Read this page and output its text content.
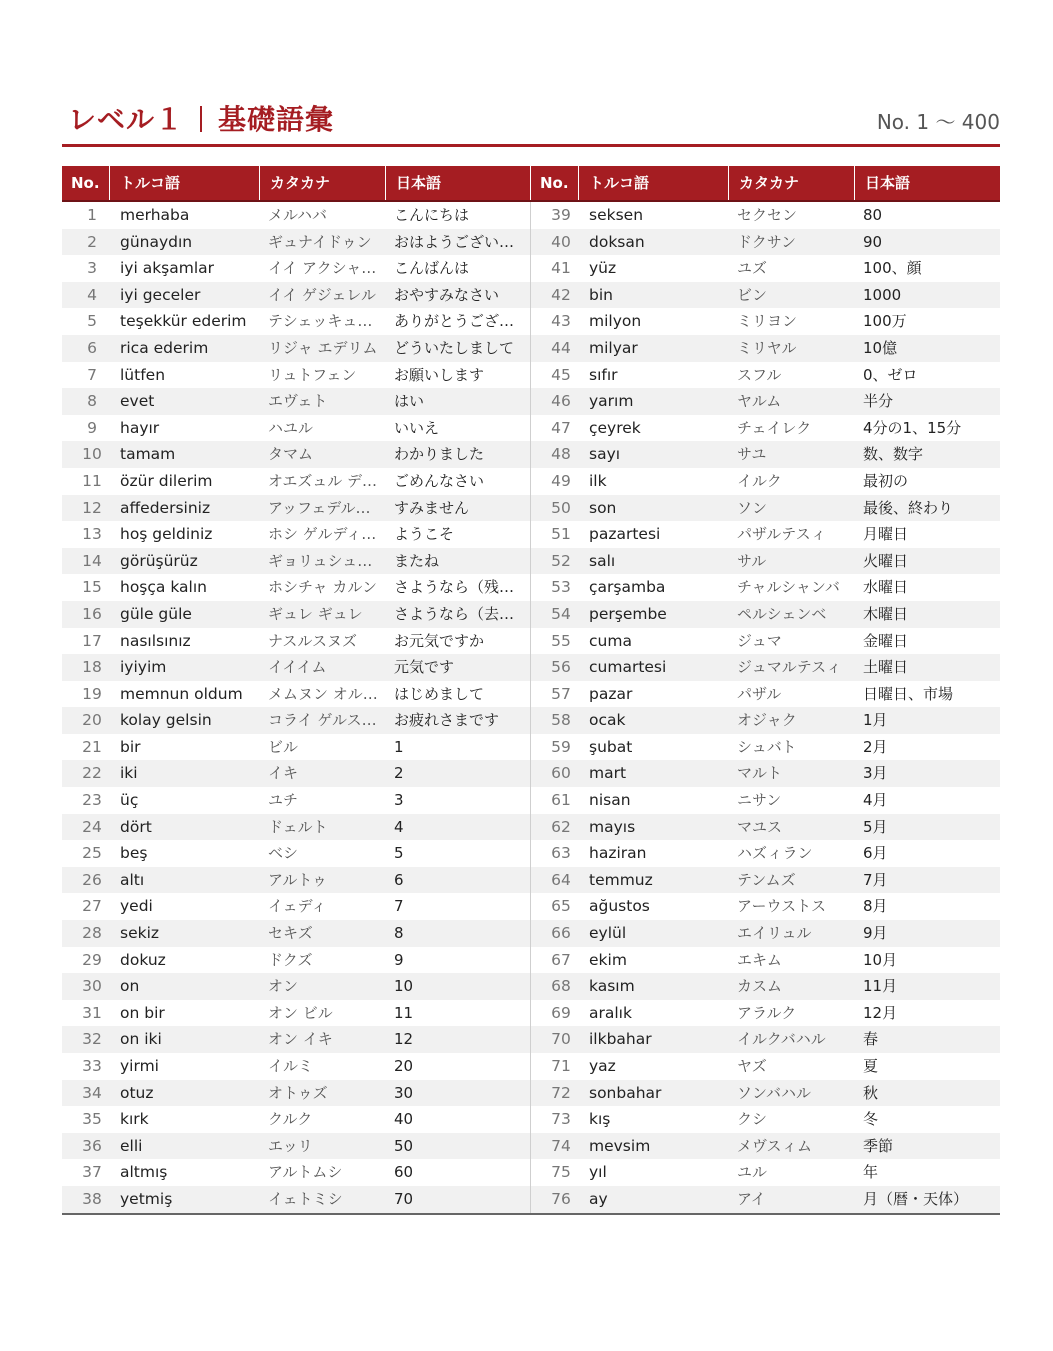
レベル１ 基礎語彙	No. 1 〜 400
No.	トルコ語	カタカナ	日本語	No.	トルコ語	カタカナ	日本語
1	merhaba	メルハバ	こんにちは	39	seksen	セクセン	80
2	günaydın	ギュナイドゥン	おはようござい…	40	doksan	ドクサン	90
3	iyi akşamlar	イイ アクシャ…	こんばんは	41	yüz	ユズ	100、顔
4	iyi geceler	イイ ゲジェレル	おやすみなさい	42	bin	ビン	1000
5	teşekkür ederim	テシェッキュ…	ありがとうござ…	43	milyon	ミリヨン	100万
6	rica ederim	リジャ エデリム	どういたしまして	44	milyar	ミリヤル	10億
7	lütfen	リュトフェン	お願いします	45	sıfır	スフル	0、ゼロ
8	evet	エヴェト	はい	46	yarım	ヤルム	半分
9	hayır	ハユル	いいえ	47	çeyrek	チェイレク	4分の1、15分
10	tamam	タマム	わかりました	48	sayı	サユ	数、数字
11	özür dilerim	オエズュル デ…	ごめんなさい	49	ilk	イルク	最初の
12	affedersiniz	アッフェデル…	すみません	50	son	ソン	最後、終わり
13	hoş geldiniz	ホシ ゲルディ…	ようこそ	51	pazartesi	パザルテスィ	月曜日
14	görüşürüz	ギョリュシュ…	またね	52	salı	サル	火曜日
15	hoşça kalın	ホシチャ カルン	さようなら（残…	53	çarşamba	チャルシャンバ	水曜日
16	güle güle	ギュレ ギュレ	さようなら（去…	54	perşembe	ペルシェンベ	木曜日
17	nasılsınız	ナスルスヌズ	お元気ですか	55	cuma	ジュマ	金曜日
18	iyiyim	イイイム	元気です	56	cumartesi	ジュマルテスィ	土曜日
19	memnun oldum	メムヌン オル…	はじめまして	57	pazar	パザル	日曜日、市場
20	kolay gelsin	コライ ゲルス…	お疲れさまです	58	ocak	オジャク	1月
21	bir	ビル	1	59	şubat	シュバト	2月
22	iki	イキ	2	60	mart	マルト	3月
23	üç	ユチ	3	61	nisan	ニサン	4月
24	dört	ドェルト	4	62	mayıs	マユス	5月
25	beş	ベシ	5	63	haziran	ハズィラン	6月
26	altı	アルトゥ	6	64	temmuz	テンムズ	7月
27	yedi	イェディ	7	65	ağustos	アーウストス	8月
28	sekiz	セキズ	8	66	eylül	エイリュル	9月
29	dokuz	ドクズ	9	67	ekim	エキム	10月
30	on	オン	10	68	kasım	カスム	11月
31	on bir	オン ビル	11	69	aralık	アラルク	12月
32	on iki	オン イキ	12	70	ilkbahar	イルクバハル	春
33	yirmi	イルミ	20	71	yaz	ヤズ	夏
34	otuz	オトゥズ	30	72	sonbahar	ソンバハル	秋
35	kırk	クルク	40	73	kış	クシ	冬
36	elli	エッリ	50	74	mevsim	メヴスィム	季節
37	altmış	アルトムシ	60	75	yıl	ユル	年
38	yetmiş	イェトミシ	70	76	ay	アイ	月（暦・天体）
